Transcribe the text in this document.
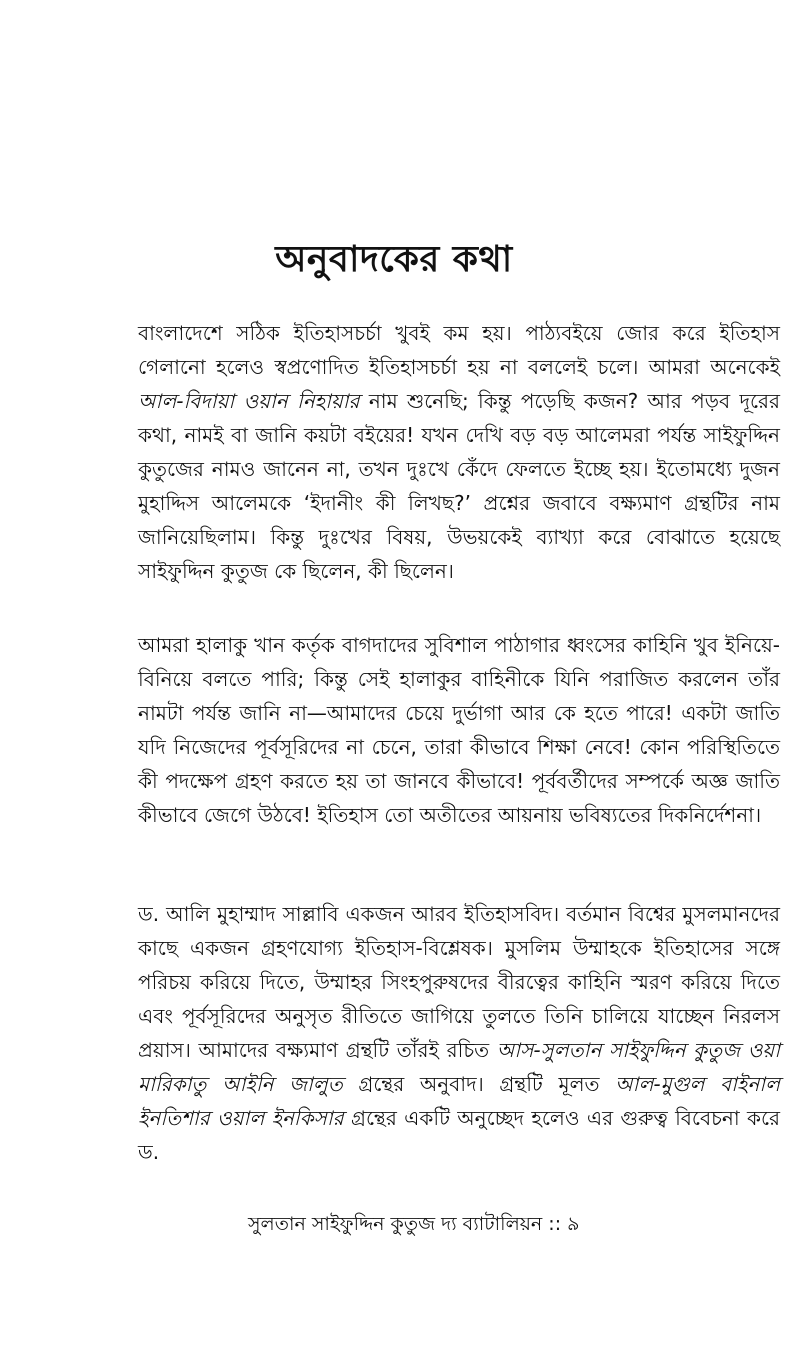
অনুবাদকের কথা

বাংলাদেশে সঠিক ইতিহাসচর্চা খুবই কম হয়। পাঠ্যবইয়ে জোর করে ইতিহাস গেলানো হলেও স্বপ্রণোদিত ইতিহাসচর্চা হয় না বললেই চলে। আমরা অনেকেই আল-বিদায়া ওয়ান নিহায়ার নাম শুনেছি; কিন্তু পড়েছি কজন? আর পড়ব দূরের কথা, নামই বা জানি কয়টা বইয়ের! যখন দেখি বড় বড় আলেমরা পর্যন্ত সাইফুদ্দিন কুতুজের নামও জানেন না, তখন দুঃখে কেঁদে ফেলতে ইচ্ছে হয়। ইতোমধ্যে দুজন মুহাদ্দিস আলেমকে ‘ইদানীং কী লিখছ?’ প্রশ্নের জবাবে বক্ষ্যমাণ গ্রন্থটির নাম জানিয়েছিলাম। কিন্তু দুঃখের বিষয়, উভয়কেই ব্যাখ্যা করে বোঝাতে হয়েছে সাইফুদ্দিন কুতুজ কে ছিলেন, কী ছিলেন।

আমরা হালাকু খান কর্তৃক বাগদাদের সুবিশাল পাঠাগার ধ্বংসের কাহিনি খুব ইনিয়ে-বিনিয়ে বলতে পারি; কিন্তু সেই হালাকুর বাহিনীকে যিনি পরাজিত করলেন তাঁর নামটা পর্যন্ত জানি না—আমাদের চেয়ে দুর্ভাগা আর কে হতে পারে! একটা জাতি যদি নিজেদের পূর্বসূরিদের না চেনে, তারা কীভাবে শিক্ষা নেবে! কোন পরিস্থিতিতে কী পদক্ষেপ গ্রহণ করতে হয় তা জানবে কীভাবে! পূর্ববর্তীদের সম্পর্কে অজ্ঞ জাতি কীভাবে জেগে উঠবে! ইতিহাস তো অতীতের আয়নায় ভবিষ্যতের দিকনির্দেশনা।

ড. আলি মুহাম্মাদ সাল্লাবি একজন আরব ইতিহাসবিদ। বর্তমান বিশ্বের মুসলমানদের কাছে একজন গ্রহণযোগ্য ইতিহাস-বিশ্লেষক। মুসলিম উম্মাহকে ইতিহাসের সঙ্গে পরিচয় করিয়ে দিতে, উম্মাহর সিংহপুরুষদের বীরত্বের কাহিনি স্মরণ করিয়ে দিতে এবং পূর্বসূরিদের অনুসৃত রীতিতে জাগিয়ে তুলতে তিনি চালিয়ে যাচ্ছেন নিরলস প্রয়াস। আমাদের বক্ষ্যমাণ গ্রন্থটি তাঁরই রচিত আস-সুলতান সাইফুদ্দিন কুতুজ ওয়া মারিকাতু আইনি জালুত গ্রন্থের অনুবাদ। গ্রন্থটি মূলত আল-মুগুল বাইনাল ইনতিশার ওয়াল ইনকিসার গ্রন্থের একটি অনুচ্ছেদ হলেও এর গুরুত্ব বিবেচনা করে ড.

সুলতান সাইফুদ্দিন কুতুজ দ্য ব্যাটালিয়ন :: ৯
